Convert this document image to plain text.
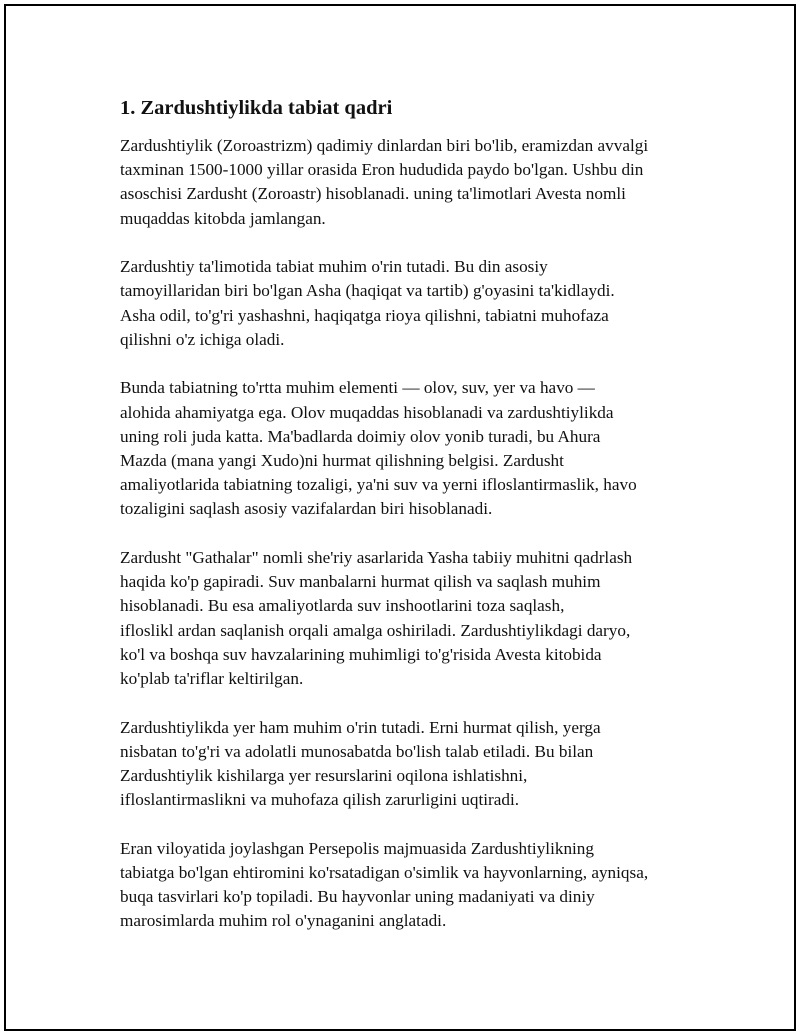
1. Zardushtiylikda tabiat qadri
Zardushtiylik (Zoroastrizm) qadimiy dinlardan biri bo'lib, eramizdan avvalgi
taxminan 1500-1000 yillar orasida Eron hududida paydo bo'lgan. Ushbu din
asoschisi Zardusht (Zoroastr) hisoblanadi. uning ta'limotlari Avesta nomli
muqaddas kitobda jamlangan.
Zardushtiy ta'limotida tabiat muhim o'rin tutadi. Bu din asosiy
tamoyillaridan biri bo'lgan Asha (haqiqat va tartib) g'oyasini ta'kidlaydi.
Asha odil, to'g'ri yashashni, haqiqatga rioya qilishni, tabiatni muhofaza
qilishni o'z ichiga oladi.
Bunda tabiatning to'rtta muhim elementi — olov, suv, yer va havo —
alohida ahamiyatga ega. Olov muqaddas hisoblanadi va zardushtiylikda
uning roli juda katta. Ma'badlarda doimiy olov yonib turadi, bu Ahura
Mazda (mana yangi Xudo)ni hurmat qilishning belgisi. Zardusht
amaliyotlarida tabiatning tozaligi, ya'ni suv va yerni ifloslantirmaslik, havo
tozaligini saqlash asosiy vazifalardan biri hisoblanadi.
Zardusht "Gathalar" nomli she'riy asarlarida Yasha tabiiy muhitni qadrlash
haqida ko'p gapiradi. Suv manbalarni hurmat qilish va saqlash muhim
hisoblanadi. Bu esa amaliyotlarda suv inshootlarini toza saqlash,
ifloslikl ardan saqlanish orqali amalga oshiriladi. Zardushtiylikdagi daryo,
ko'l va boshqa suv havzalarining muhimligi to'g'risida Avesta kitobida
ko'plab ta'riflar keltirilgan.
Zardushtiylikda yer ham muhim o'rin tutadi. Erni hurmat qilish, yerga
nisbatan to'g'ri va adolatli munosabatda bo'lish talab etiladi. Bu bilan
Zardushtiylik kishilarga yer resurslarini oqilona ishlatishni,
ifloslantirmaslikni va muhofaza qilish zarurligini uqtiradi.
Eran viloyatida joylashgan Persepolis majmuasida Zardushtiylikning
tabiatga bo'lgan ehtiromini ko'rsatadigan o'simlik va hayvonlarning, ayniqsa,
buqa tasvirlari ko'p topiladi. Bu hayvonlar uning madaniyati va diniy
marosimlarda muhim rol o'ynaganini anglatadi.
